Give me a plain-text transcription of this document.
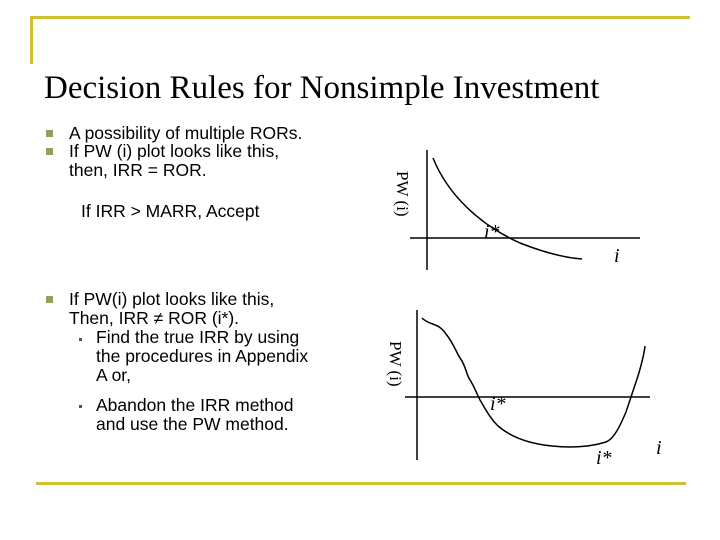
Decision Rules for Nonsimple Investment
A possibility of multiple RORs.
If PW (i) plot looks like this,
then, IRR = ROR.
If IRR > MARR, Accept
If PW(i) plot looks like this,
Then, IRR ≠ ROR (i*).
Find the true IRR by using
the procedures in Appendix
A or,
Abandon the IRR method
and use the PW method.
PW (i)
i*
i
PW (i)
i*
i* i
